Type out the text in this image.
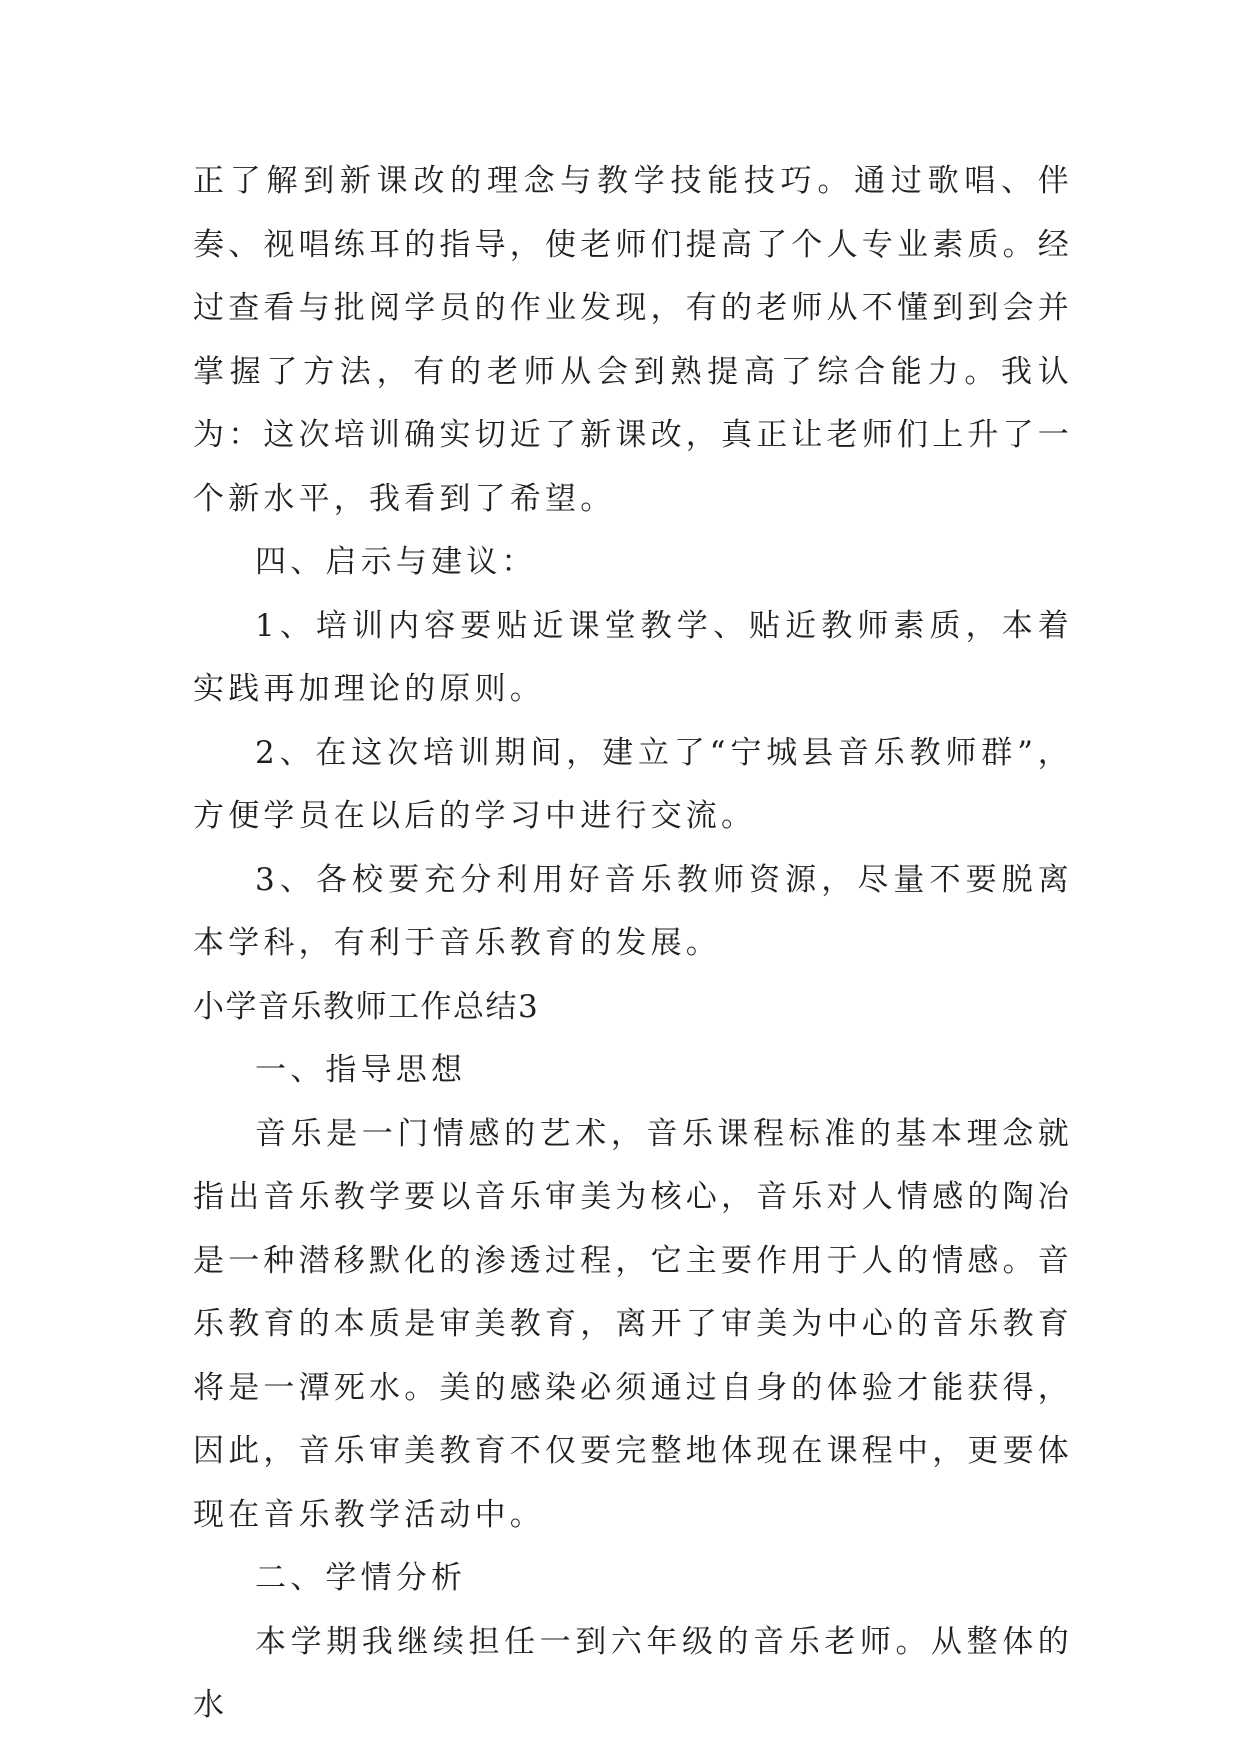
正了解到新课改的理念与教学技能技巧。通过歌唱、伴奏、视唱练耳的指导，使老师们提高了个人专业素质。经过查看与批阅学员的作业发现，有的老师从不懂到到会并掌握了方法，有的老师从会到熟提高了综合能力。我认为：这次培训确实切近了新课改，真正让老师们上升了一个新水平，我看到了希望。

四、启示与建议：

1、培训内容要贴近课堂教学、贴近教师素质，本着实践再加理论的原则。

2、在这次培训期间，建立了“宁城县音乐教师群”，方便学员在以后的学习中进行交流。

3、各校要充分利用好音乐教师资源，尽量不要脱离本学科，有利于音乐教育的发展。

小学音乐教师工作总结3

一、指导思想

音乐是一门情感的艺术，音乐课程标准的基本理念就指出音乐教学要以音乐审美为核心，音乐对人情感的陶冶是一种潜移默化的渗透过程，它主要作用于人的情感。音乐教育的本质是审美教育，离开了审美为中心的音乐教育将是一潭死水。美的感染必须通过自身的体验才能获得，因此，音乐审美教育不仅要完整地体现在课程中，更要体现在音乐教学活动中。

二、学情分析

本学期我继续担任一到六年级的音乐老师。从整体的水
